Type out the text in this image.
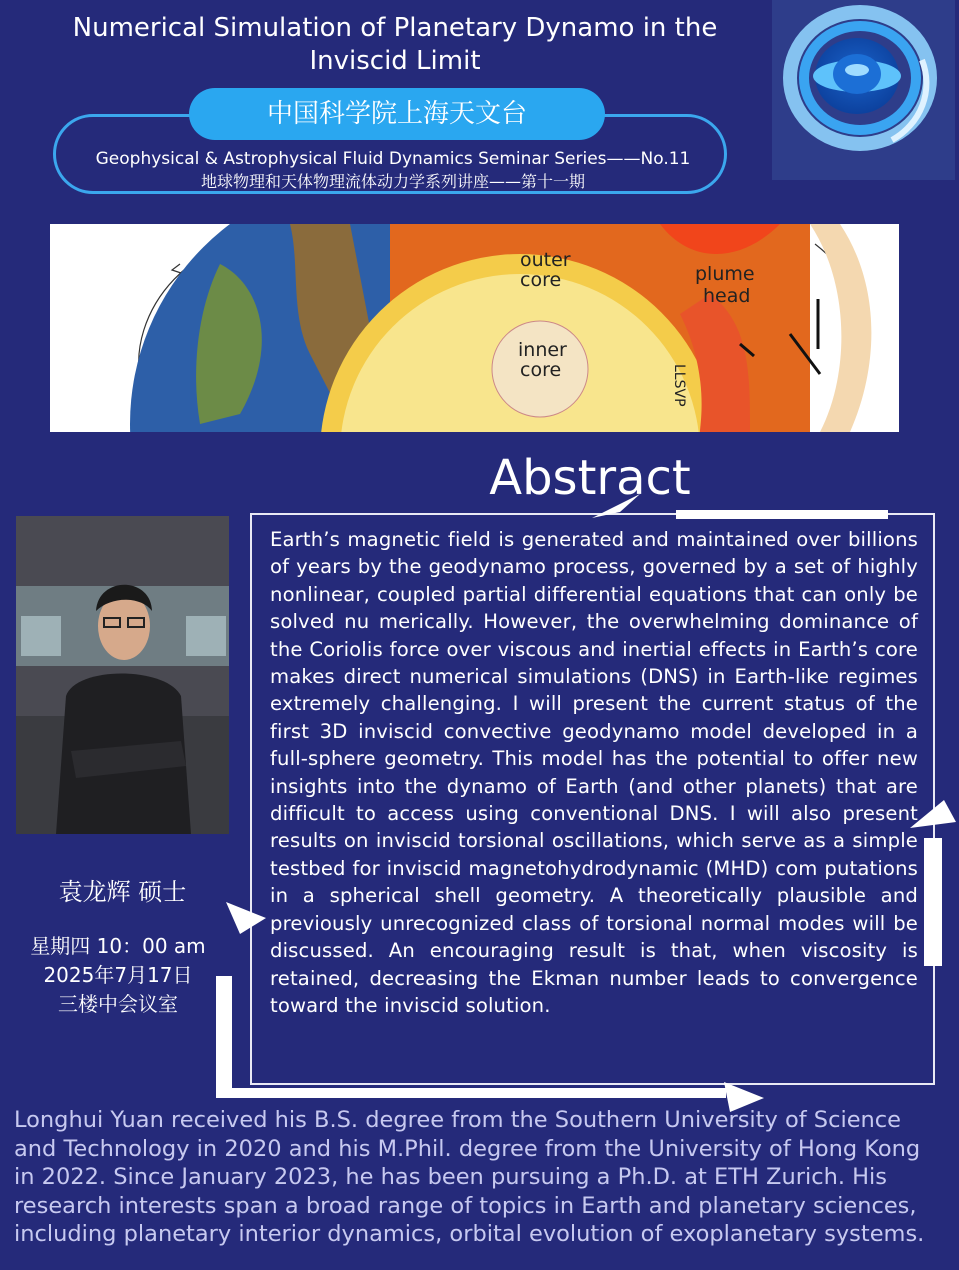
Numerical Simulation of Planetary Dynamo in the Inviscid Limit
中国科学院上海天文台
Geophysical & Astrophysical Fluid Dynamics Seminar Series——No.11
地球物理和天体物理流体动力学系列讲座——第十一期
outer
core
inner
core
plume
head
LLSVP
Abstract
Earth’s magnetic field is generated and maintained over billions of years by the geodynamo process, governed by a set of highly nonlinear, coupled partial differential equations that can only be solved nu merically. However, the overwhelming dominance of the Coriolis force over viscous and inertial effects in Earth’s core makes direct numerical simulations (DNS) in Earth-like regimes extremely challenging. I will present the current status of the first 3D inviscid convective geodynamo model developed in a full-sphere geometry. This model has the potential to offer new insights into the dynamo of Earth (and other planets) that are difficult to access using conventional DNS. I will also present results on inviscid torsional oscillations, which serve as a simple testbed for inviscid magnetohydrodynamic (MHD) com putations in a spherical shell geometry. A theoretically plausible and previously unrecognized class of torsional normal modes will be discussed. An encouraging result is that, when viscosity is retained, decreasing the Ekman number leads to convergence toward the inviscid solution.
袁龙辉 硕士
星期四 10：00 am
2025年7月17日
三楼中会议室
Longhui Yuan received his B.S. degree from the Southern University of Science and Technology in 2020 and his M.Phil. degree from the University of Hong Kong in 2022. Since January 2023, he has been pursuing a Ph.D. at ETH Zurich. His research interests span a broad range of topics in Earth and planetary sciences, including planetary interior dynamics, orbital evolution of exoplanetary systems.
